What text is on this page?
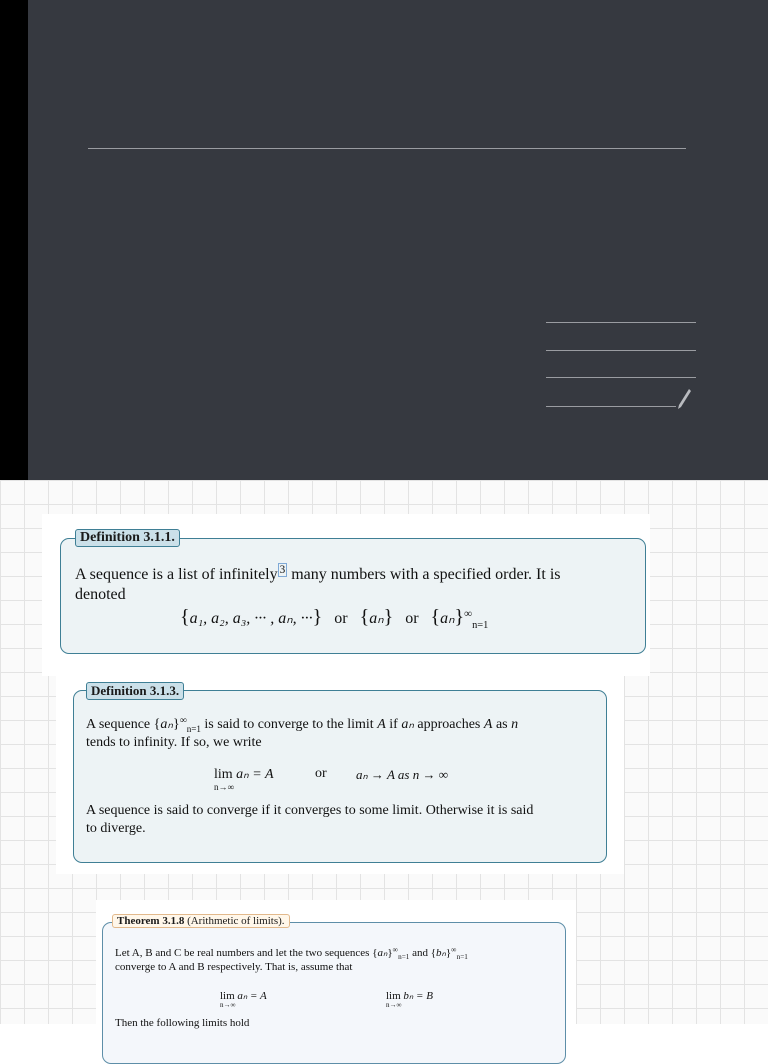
Definition 3.1.1.
A sequence is a list of infinitely $^3$ many numbers with a specified order. It is
denoted
{a₁, a₂, a₃, ··· , aₙ, ···} or {aₙ} or $\{a_n\}^\infty_{n=1}$
Definition 3.1.3.
A sequence $\{a_n\}^\infty_{n=1}$ is said to converge to the limit A if aₙ approaches A as n
tends to infinity. If so, we write
lim aₙ = A
n→∞
or aₙ → A as n → ∞
A sequence is said to converge if it converges to some limit. Otherwise it is said
to diverge.
Theorem 3.1.8 (Arithmetic of limits).
Let A, B and C be real numbers and let the two sequences $\{a_n\}^\infty_{n=1}$ and $\{b_n\}^\infty_{n=1}$
converge to A and B respectively. That is, assume that
lim aₙ = A
n→∞
lim bₙ = B
n→∞
Then the following limits hold
